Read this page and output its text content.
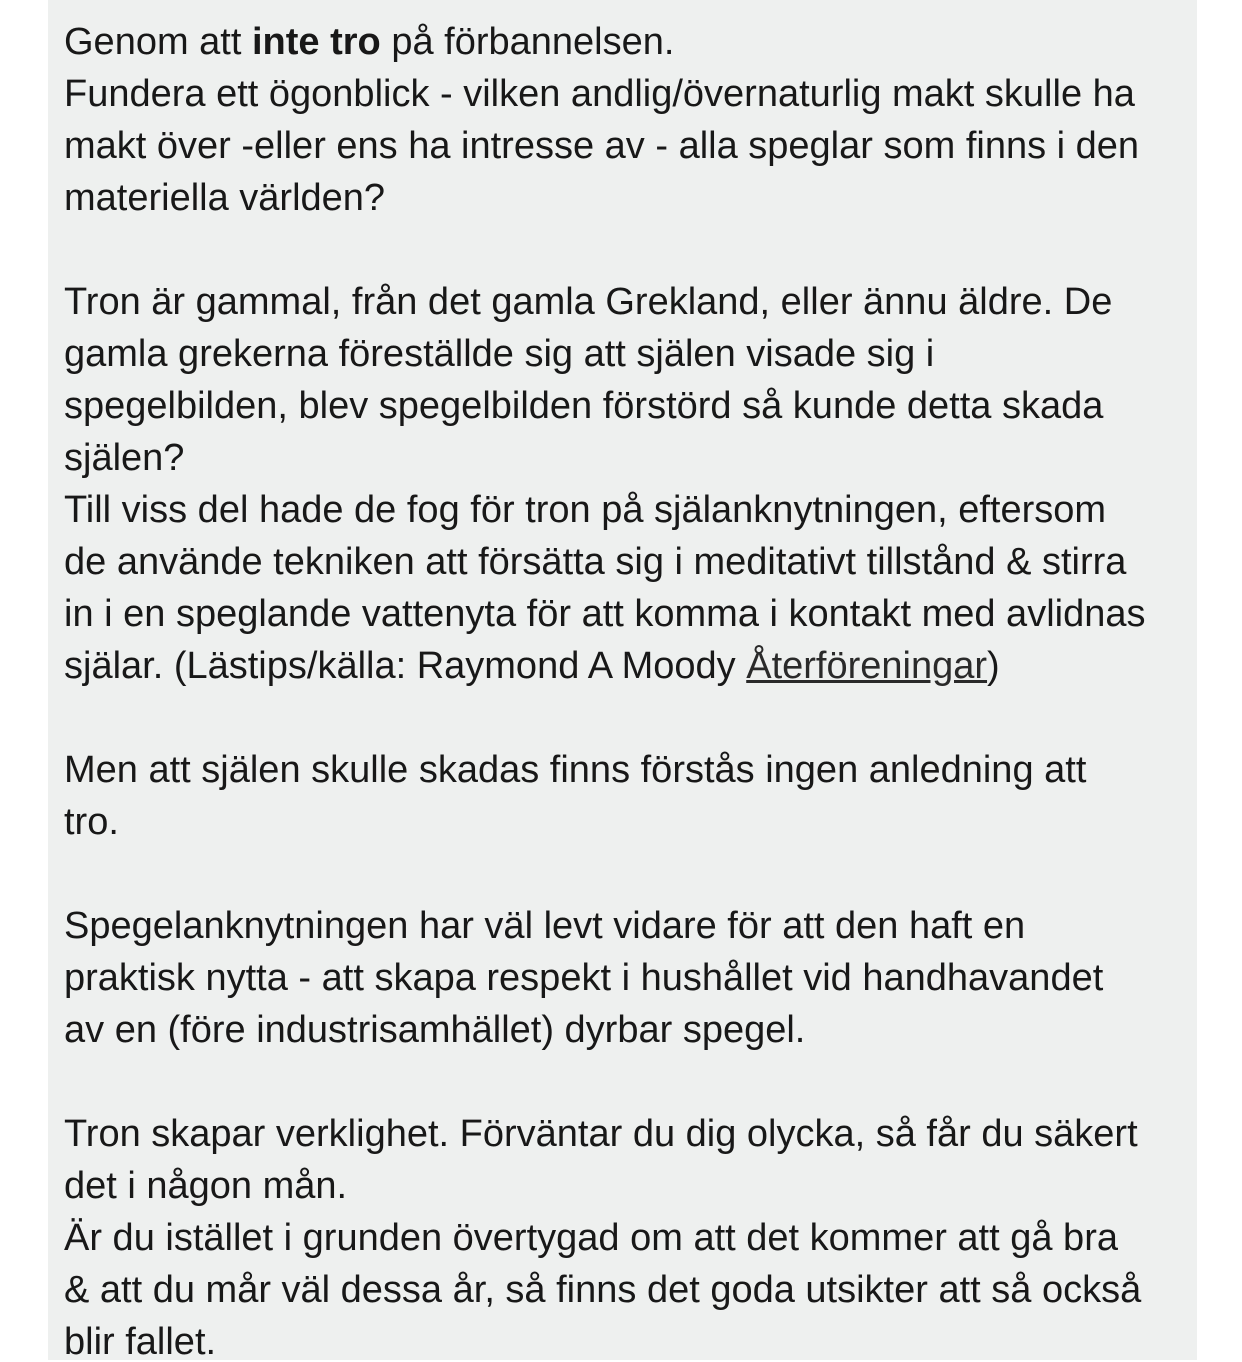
Genom att inte tro på förbannelsen.
Fundera ett ögonblick - vilken andlig/övernaturlig makt skulle ha
makt över -eller ens ha intresse av - alla speglar som finns i den
materiella världen?
Tron är gammal, från det gamla Grekland, eller ännu äldre. De
gamla grekerna föreställde sig att själen visade sig i
spegelbilden, blev spegelbilden förstörd så kunde detta skada
själen?
Till viss del hade de fog för tron på själanknytningen, eftersom
de använde tekniken att försätta sig i meditativt tillstånd & stirra
in i en speglande vattenyta för att komma i kontakt med avlidnas
själar. (Lästips/källa: Raymond A Moody Återföreningar)
Men att själen skulle skadas finns förstås ingen anledning att
tro.
Spegelanknytningen har väl levt vidare för att den haft en
praktisk nytta - att skapa respekt i hushållet vid handhavandet
av en (före industrisamhället) dyrbar spegel.
Tron skapar verklighet. Förväntar du dig olycka, så får du säkert
det i någon mån.
Är du istället i grunden övertygad om att det kommer att gå bra
& att du mår väl dessa år, så finns det goda utsikter att så också
blir fallet.
